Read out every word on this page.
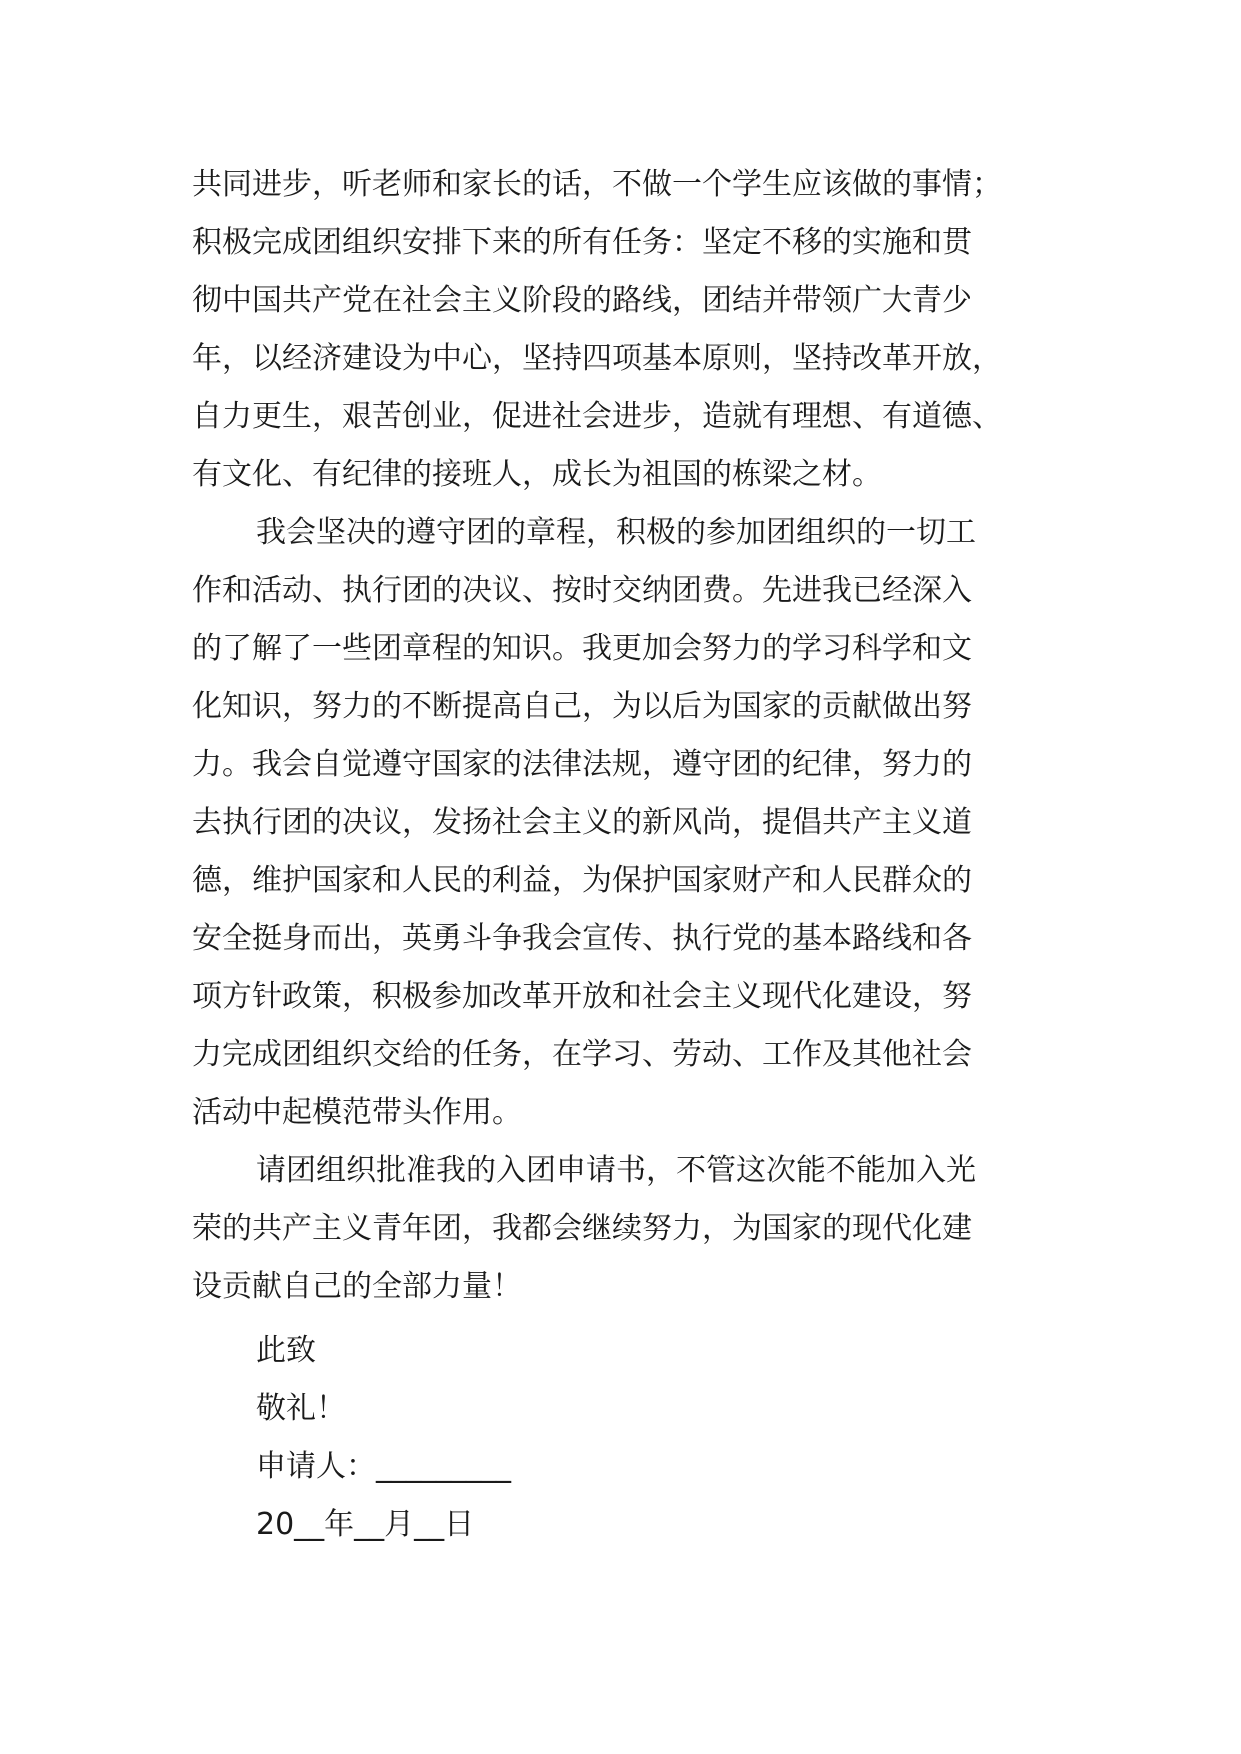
共同进步，听老师和家长的话，不做一个学生应该做的事情；
积极完成团组织安排下来的所有任务：坚定不移的实施和贯
彻中国共产党在社会主义阶段的路线，团结并带领广大青少
年，以经济建设为中心，坚持四项基本原则，坚持改革开放，
自力更生，艰苦创业，促进社会进步，造就有理想、有道德、
有文化、有纪律的接班人，成长为祖国的栋梁之材。
我会坚决的遵守团的章程，积极的参加团组织的一切工
作和活动、执行团的决议、按时交纳团费。先进我已经深入
的了解了一些团章程的知识。我更加会努力的学习科学和文
化知识，努力的不断提高自己，为以后为国家的贡献做出努
力。我会自觉遵守国家的法律法规，遵守团的纪律，努力的
去执行团的决议，发扬社会主义的新风尚，提倡共产主义道
德，维护国家和人民的利益，为保护国家财产和人民群众的
安全挺身而出，英勇斗争我会宣传、执行党的基本路线和各
项方针政策，积极参加改革开放和社会主义现代化建设，努
力完成团组织交给的任务，在学习、劳动、工作及其他社会
活动中起模范带头作用。
请团组织批准我的入团申请书，不管这次能不能加入光
荣的共产主义青年团，我都会继续努力，为国家的现代化建
设贡献自己的全部力量！
此致
敬礼！
申请人：_________
20__年__月__日
